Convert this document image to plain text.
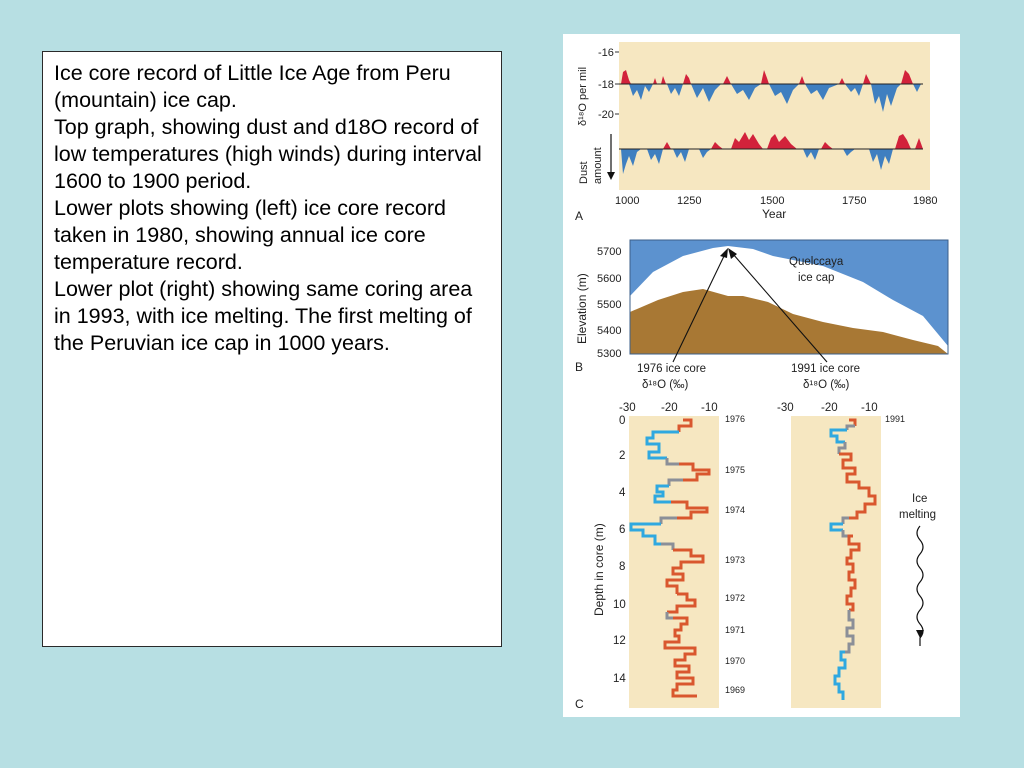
Ice core record of Little Ice Age from Peru (mountain) ice cap.

Top graph, showing dust and d18O record of low temperatures (high winds) during interval 1600 to 1900 period.

Lower plots showing (left) ice core record taken in 1980, showing annual ice core temperature record.

Lower plot (right) showing same coring area in 1993, with ice melting. The first melting of the Peruvian ice cap in 1000 years.

-16
-18
-20
δ¹⁸O per mil
Dust amount
1000	1250	1500	1750	1980
Year
A
5700
5600
5500
5400
5300
Elevation (m)
Quelccaya
ice cap
1976 ice core
δ¹⁸O (‰)
1991 ice core
δ¹⁸O (‰)
B
-30 -20 -10	-30 -20 -10
0
2
4
6
8
10
12
14
Depth in core (m)
1976
1975
1974
1973
1972
1971
1970
1969
1991
Ice
melting
C
